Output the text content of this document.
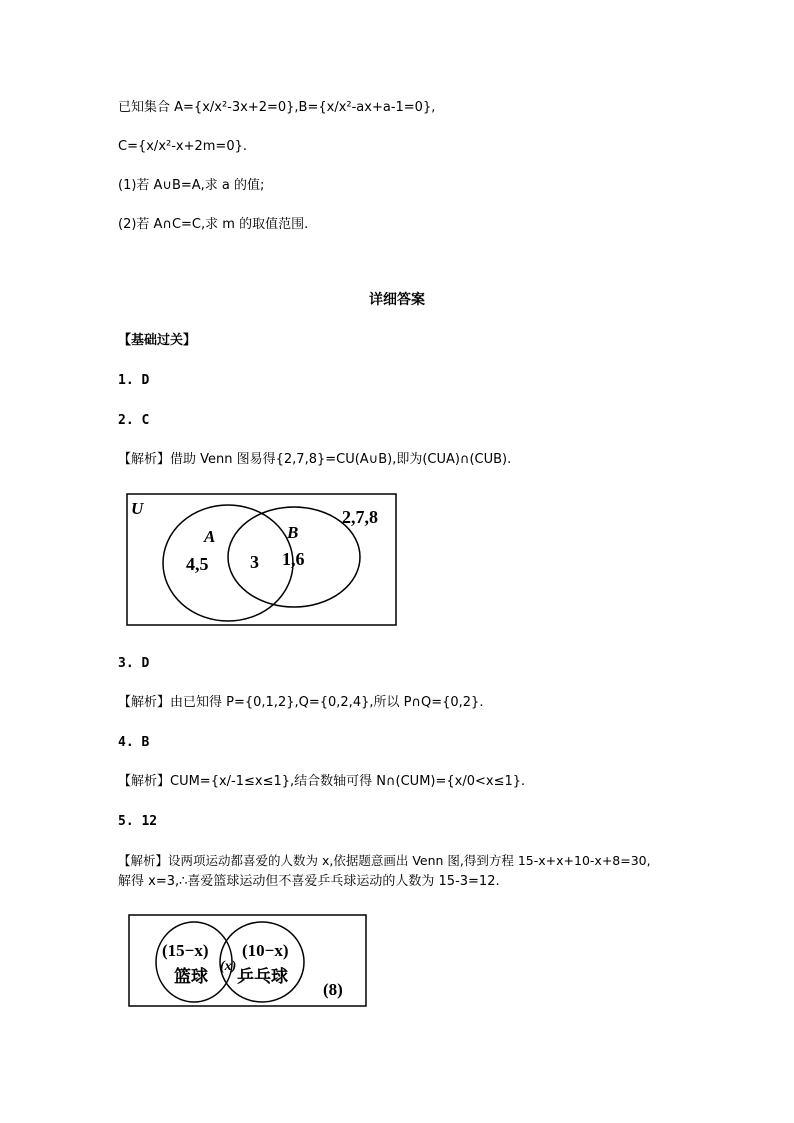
已知集合 A={x/x²-3x+2=0},B={x/x²-ax+a-1=0},
C={x/x²-x+2m=0}.
(1)若 A∪B=A,求 a 的值;
(2)若 A∩C=C,求 m 的取值范围.
详细答案
【基础过关】
1. D
2. C
【解析】借助 Venn 图易得{2,7,8}=CU(A∪B),即为(CUA)∩(CUB).
U
A	B
4,5 3 1,6
2,7,8
(15−x)
篮球
(x)
(10−x)
乒乓球
(8)
3. D
【解析】由已知得 P={0,1,2},Q={0,2,4},所以 P∩Q={0,2}.
4. B
【解析】CUM={x/-1≤x≤1},结合数轴可得 N∩(CUM)={x/0<x≤1}.
5. 12
【解析】设两项运动都喜爱的人数为 x,依据题意画出 Venn 图,得到方程 15-x+x+10-x+8=30,
解得 x=3,∴喜爱篮球运动但不喜爱乒乓球运动的人数为 15-3=12.
